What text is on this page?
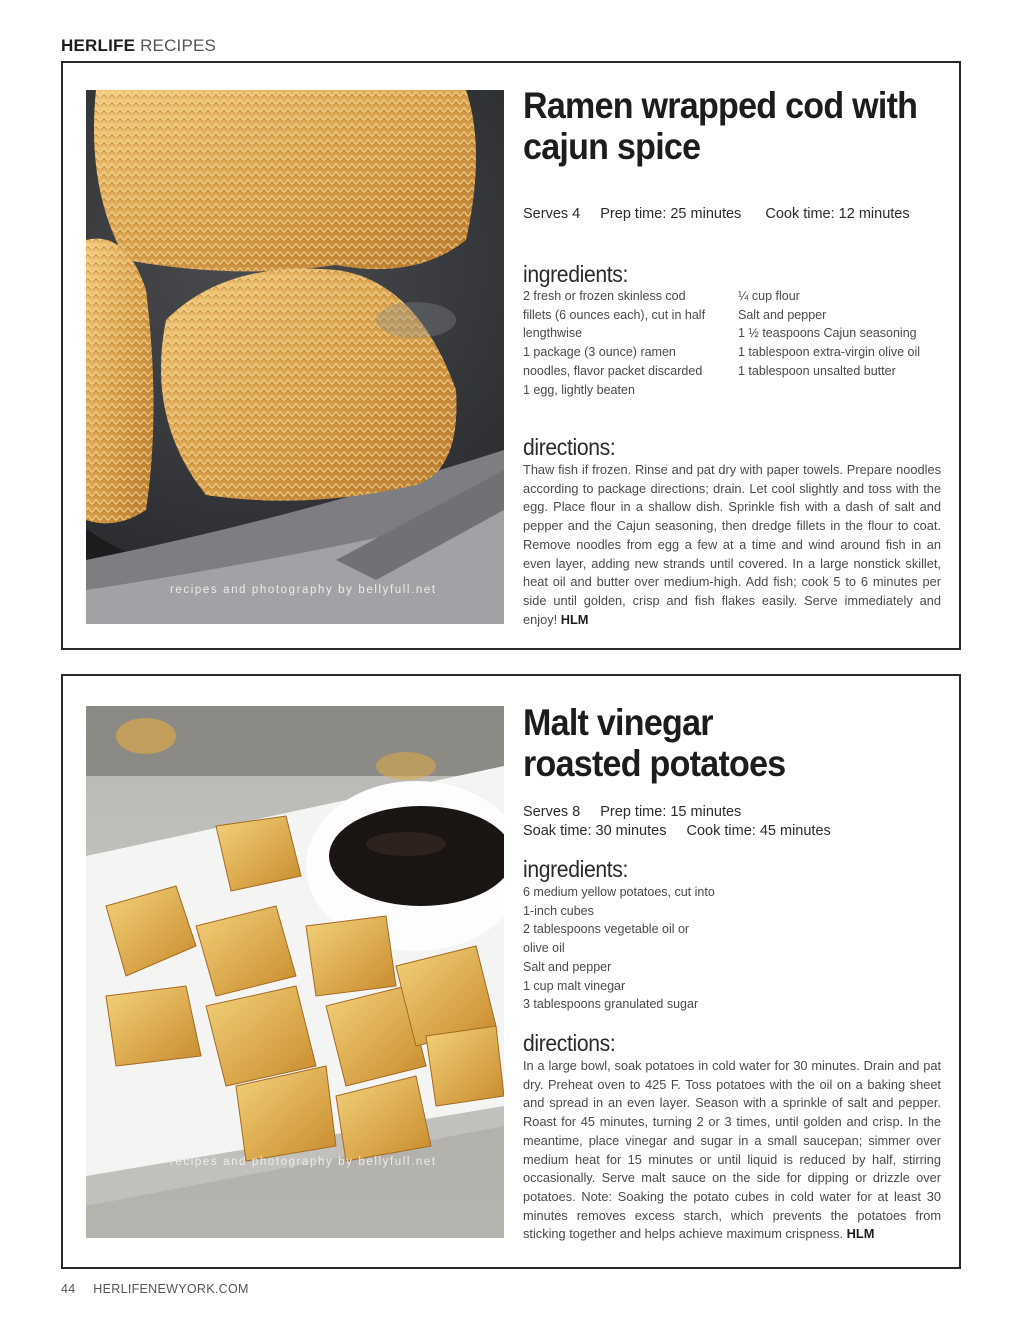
HERLIFE RECIPES
recipes and photography by bellyfull.net
Ramen wrapped cod with
cajun spice
Serves 4 Prep time: 25 minutes Cook time: 12 minutes
ingredients:
2 fresh or frozen skinless cod
fillets (6 ounces each), cut in half
lengthwise
1 package (3 ounce) ramen
noodles, flavor packet discarded
1 egg, lightly beaten
¼ cup flour
Salt and pepper
1 ½ teaspoons Cajun seasoning
1 tablespoon extra-virgin olive oil
1 tablespoon unsalted butter
directions:
Thaw fish if frozen. Rinse and pat dry with paper towels. Prepare noodles according to package directions; drain. Let cool slightly and toss with the egg. Place flour in a shallow dish. Sprinkle fish with a dash of salt and pepper and the Cajun seasoning, then dredge fillets in the flour to coat. Remove noodles from egg a few at a time and wind around fish in an even layer, adding new strands until covered. In a large nonstick skillet, heat oil and butter over medium-high. Add fish; cook 5 to 6 minutes per side until golden, crisp and fish flakes easily. Serve immediately and enjoy! HLM
recipes and photography by bellyfull.net
Malt vinegar
roasted potatoes
Serves 8 Prep time: 15 minutes
Soak time: 30 minutes Cook time: 45 minutes
ingredients:
6 medium yellow potatoes, cut into
1-inch cubes
2 tablespoons vegetable oil or
olive oil
Salt and pepper
1 cup malt vinegar
3 tablespoons granulated sugar
directions:
In a large bowl, soak potatoes in cold water for 30 minutes. Drain and pat dry. Preheat oven to 425 F. Toss potatoes with the oil on a baking sheet and spread in an even layer. Season with a sprinkle of salt and pepper. Roast for 45 minutes, turning 2 or 3 times, until golden and crisp. In the meantime, place vinegar and sugar in a small saucepan; simmer over medium heat for 15 minutes or until liquid is reduced by half, stirring occasionally. Serve malt sauce on the side for dipping or drizzle over potatoes. Note: Soaking the potato cubes in cold water for at least 30 minutes removes excess starch, which prevents the potatoes from sticking together and helps achieve maximum crispness. HLM
44 HERLIFENEWYORK.COM
